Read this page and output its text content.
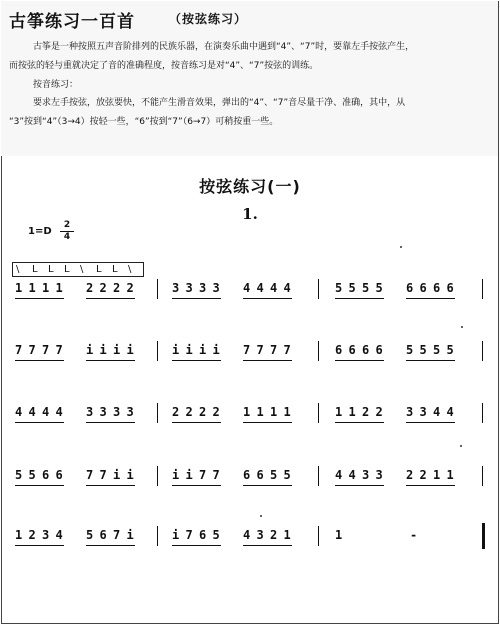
古筝练习一百首	（按弦练习）
古筝是一种按照五声音阶排列的民族乐器，在演奏乐曲中遇到“4”、“7”时，要靠左手按弦产生，
而按弦的轻与重就决定了音的准确程度，按音练习是对“4”、“7”按弦的训练。
按音练习：
要求左手按弦，放弦要快，不能产生滑音效果，弹出的“4”、“7”音尽量干净、准确，其中，从
“3”按到“4”（3→4）按轻一些，“6”按到“7”（6→7）可稍按重一些。
按弦练习(一)
1.
1=D
2
4
\ L L L \ L L \
1 1 1 1 2 2 2 2	3 3 3 3 4 4 4 4	5 5 5 5 6 6 6 6
7 7 7 7 i i i i	i i i i 7 7 7 7	6 6 6 6 5 5 5 5
4 4 4 4 3 3 3 3	2 2 2 2 1 1 1 1	1 1 2 2 3 3 4 4
5 5 6 6 7 7 i i	i i 7 7 6 6 5 5	4 4 3 3 2 2 1 1
1 2 3 4 5 6 7 i	i 7 6 5 4 3 2 1	1	-
